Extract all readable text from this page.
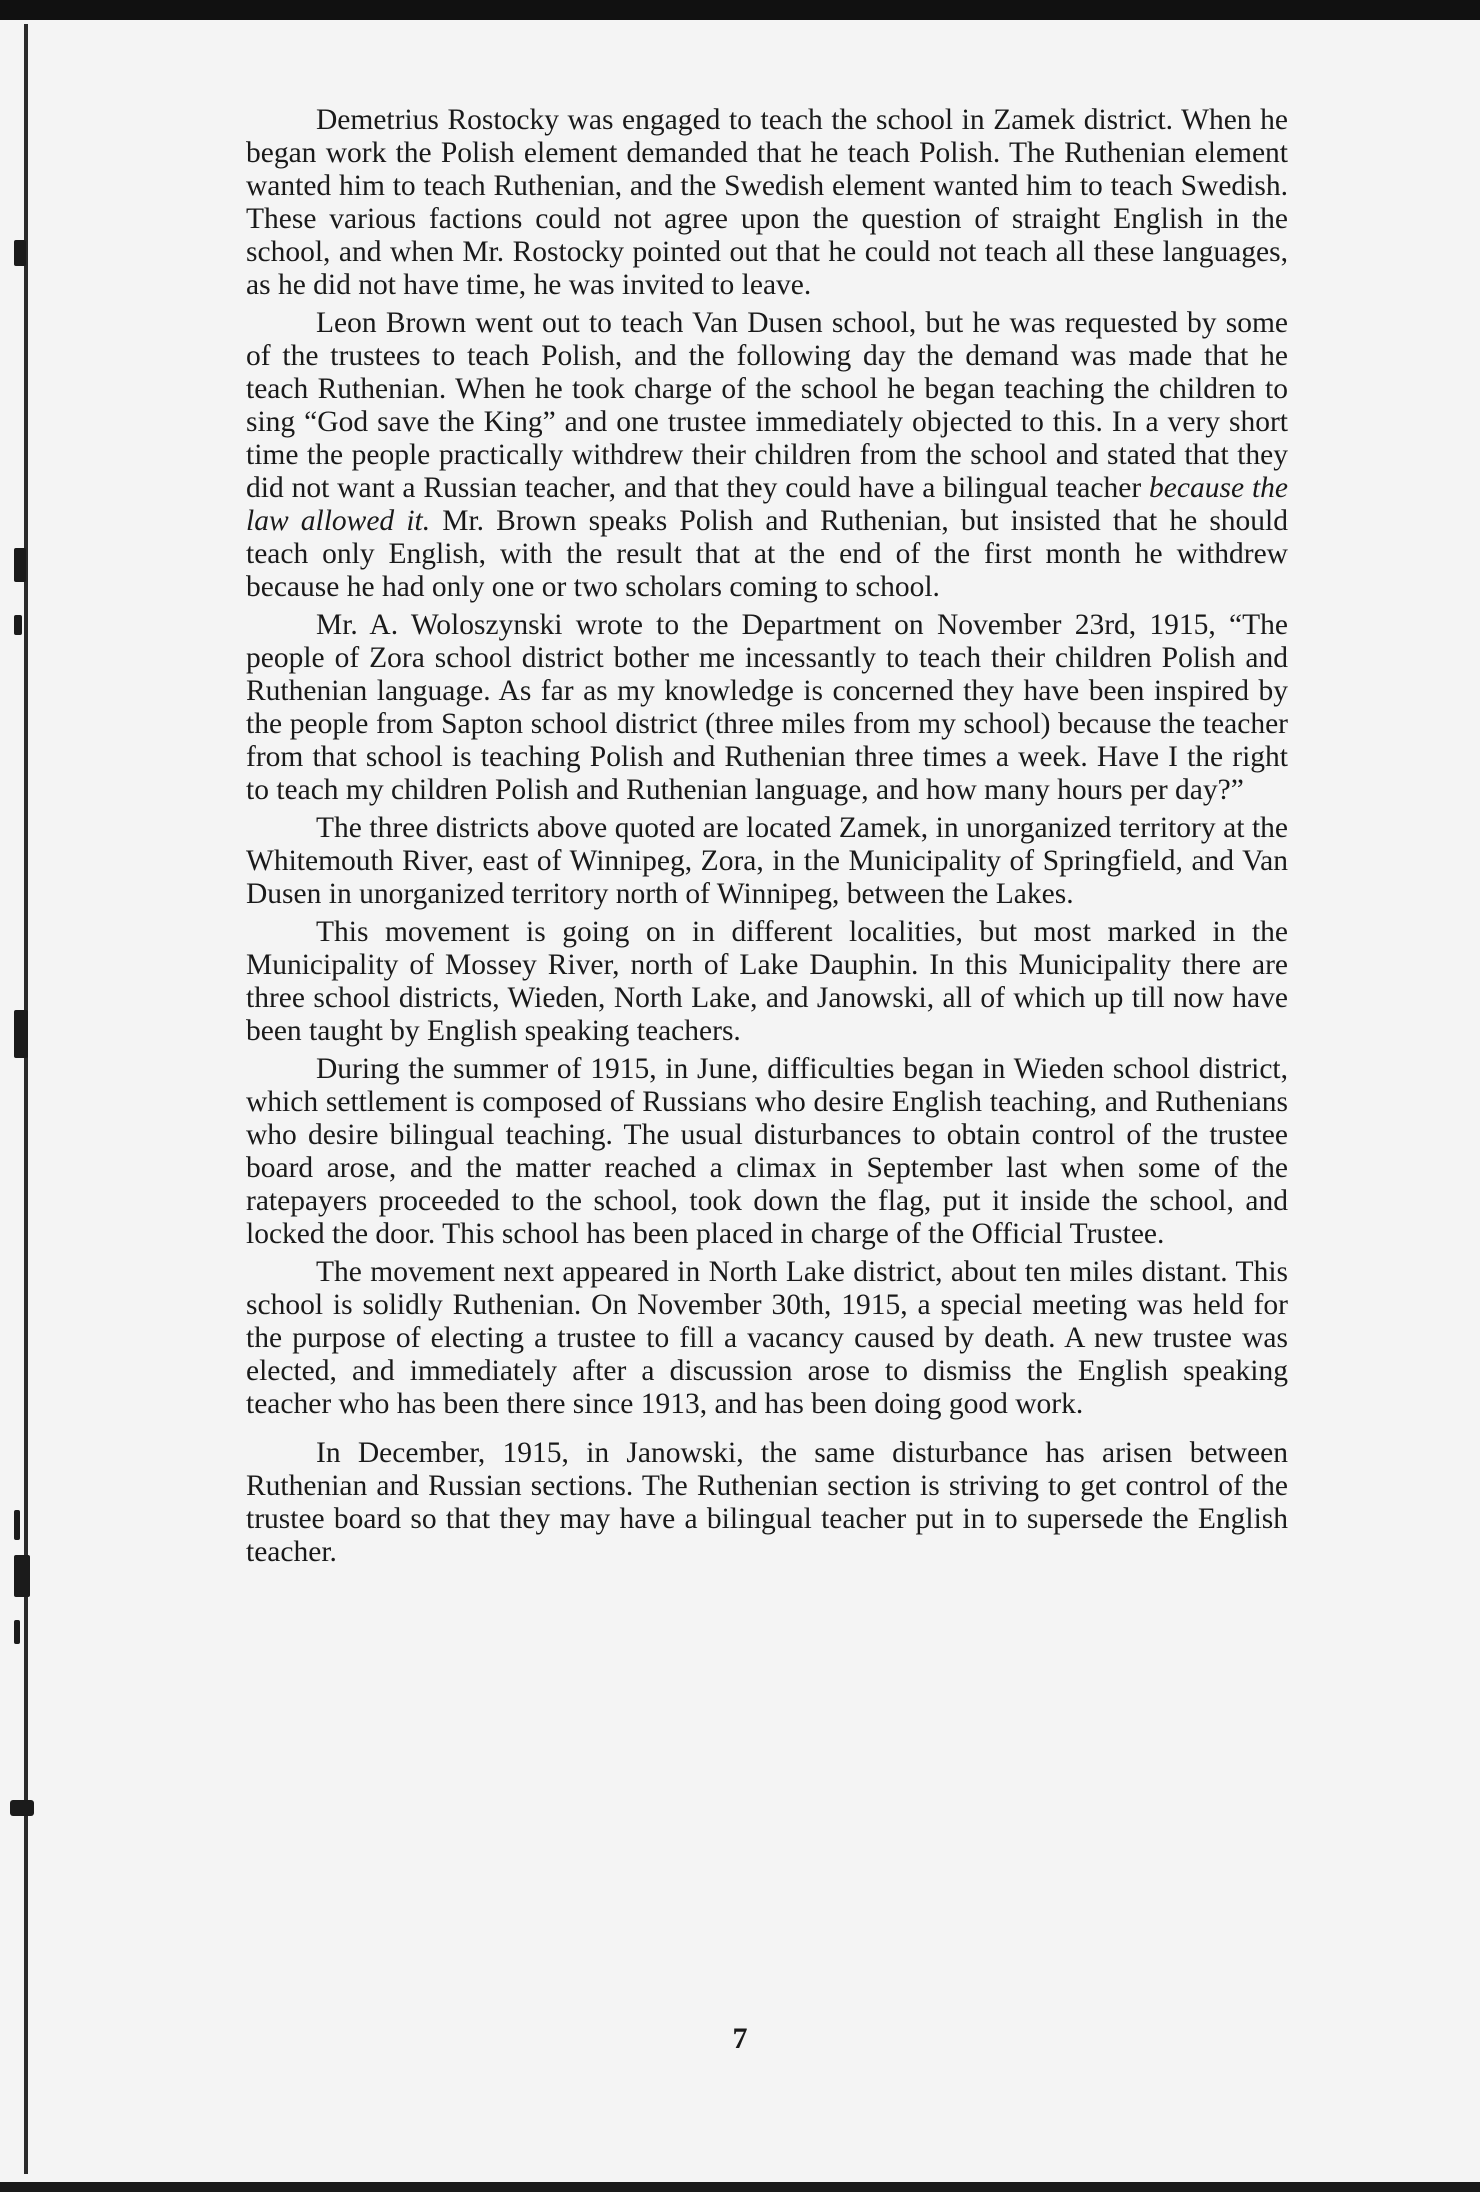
Demetrius Rostocky was engaged to teach the school in Zamek district. When he began work the Polish element demanded that he teach Polish. The Ruthenian element wanted him to teach Ruthenian, and the Swedish element wanted him to teach Swedish. These various factions could not agree upon the question of straight English in the school, and when Mr. Rostocky pointed out that he could not teach all these languages, as he did not have time, he was invited to leave.

Leon Brown went out to teach Van Dusen school, but he was requested by some of the trustees to teach Polish, and the following day the demand was made that he teach Ruthenian. When he took charge of the school he began teaching the children to sing “God save the King” and one trustee immediately objected to this. In a very short time the people practically withdrew their children from the school and stated that they did not want a Russian teacher, and that they could have a bilingual teacher because the law allowed it. Mr. Brown speaks Polish and Ruthenian, but insisted that he should teach only English, with the result that at the end of the first month he withdrew because he had only one or two scholars coming to school.

Mr. A. Woloszynski wrote to the Department on November 23rd, 1915, “The people of Zora school district bother me incessantly to teach their children Polish and Ruthenian language. As far as my knowledge is concerned they have been inspired by the people from Sapton school district (three miles from my school) because the teacher from that school is teaching Polish and Ruthenian three times a week. Have I the right to teach my children Polish and Ruthenian language, and how many hours per day?”

The three districts above quoted are located Zamek, in unorganized territory at the Whitemouth River, east of Winnipeg, Zora, in the Municipality of Springfield, and Van Dusen in unorganized territory north of Winnipeg, between the Lakes.

This movement is going on in different localities, but most marked in the Municipality of Mossey River, north of Lake Dauphin. In this Municipality there are three school districts, Wieden, North Lake, and Janowski, all of which up till now have been taught by English speaking teachers.

During the summer of 1915, in June, difficulties began in Wieden school district, which settlement is composed of Russians who desire English teaching, and Ruthenians who desire bilingual teaching. The usual disturbances to obtain control of the trustee board arose, and the matter reached a climax in September last when some of the ratepayers proceeded to the school, took down the flag, put it inside the school, and locked the door. This school has been placed in charge of the Official Trustee.

The movement next appeared in North Lake district, about ten miles distant. This school is solidly Ruthenian. On November 30th, 1915, a special meeting was held for the purpose of electing a trustee to fill a vacancy caused by death. A new trustee was elected, and immediately after a discussion arose to dismiss the English speaking teacher who has been there since 1913, and has been doing good work.

In December, 1915, in Janowski, the same disturbance has arisen between Ruthenian and Russian sections. The Ruthenian section is striving to get control of the trustee board so that they may have a bilingual teacher put in to supersede the English teacher.

7
